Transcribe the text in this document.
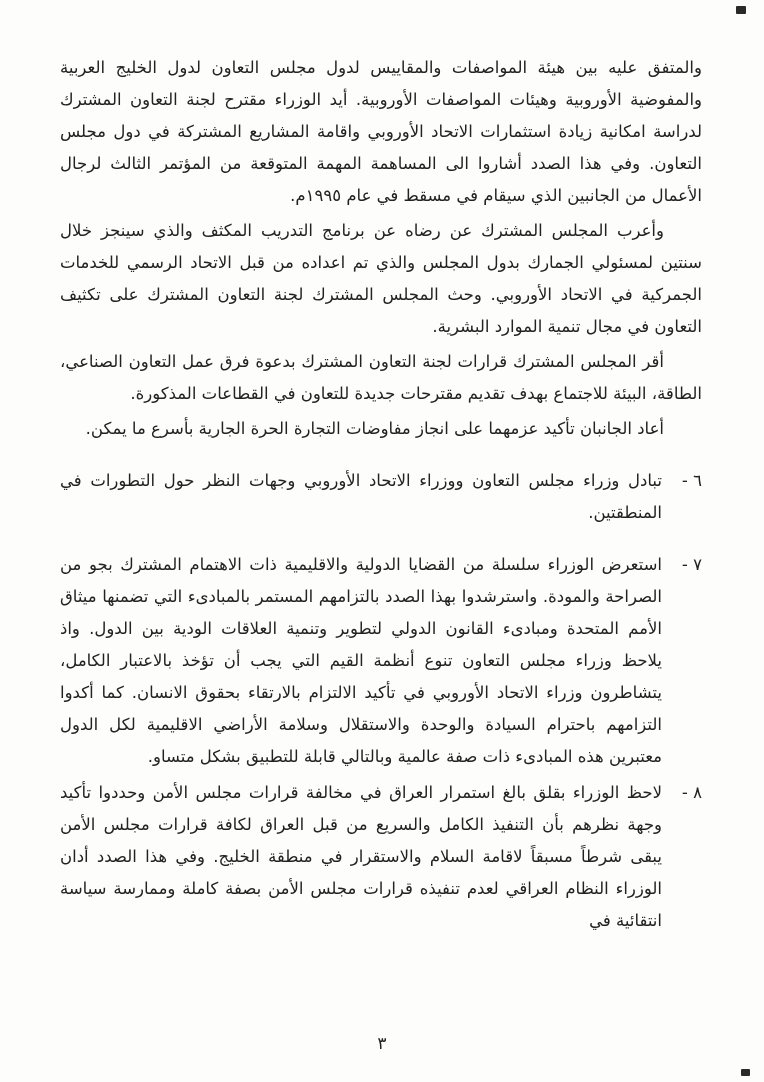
والمتفق عليه بين هيئة المواصفات والمقاييس لدول مجلس التعاون لدول الخليج العربية والمفوضية الأوروبية وهيئات المواصفات الأوروبية. أيد الوزراء مقترح لجنة التعاون المشترك لدراسة امكانية زيادة استثمارات الاتحاد الأوروبي واقامة المشاريع المشتركة في دول مجلس التعاون. وفي هذا الصدد أشاروا الى المساهمة المهمة المتوقعة من المؤتمر الثالث لرجال الأعمال من الجانبين الذي سيقام في مسقط في عام ١٩٩٥م.

وأعرب المجلس المشترك عن رضاه عن برنامج التدريب المكثف والذي سينجز خلال سنتين لمسئولي الجمارك بدول المجلس والذي تم اعداده من قبل الاتحاد الرسمي للخدمات الجمركية في الاتحاد الأوروبي. وحث المجلس المشترك لجنة التعاون المشترك على تكثيف التعاون في مجال تنمية الموارد البشرية.

أقر المجلس المشترك قرارات لجنة التعاون المشترك بدعوة فرق عمل التعاون الصناعي، الطاقة، البيئة للاجتماع بهدف تقديم مقترحات جديدة للتعاون في القطاعات المذكورة.

أعاد الجانبان تأكيد عزمهما على انجاز مفاوضات التجارة الحرة الجارية بأسرع ما يمكن.

٦ -
تبادل وزراء مجلس التعاون ووزراء الاتحاد الأوروبي وجهات النظر حول التطورات في المنطقتين.
٧ -
استعرض الوزراء سلسلة من القضايا الدولية والاقليمية ذات الاهتمام المشترك بجو من الصراحة والمودة. واسترشدوا بهذا الصدد بالتزامهم المستمر بالمبادىء التي تضمنها ميثاق الأمم المتحدة ومبادىء القانون الدولي لتطوير وتنمية العلاقات الودية بين الدول. واذ يلاحظ وزراء مجلس التعاون تنوع أنظمة القيم التي يجب أن تؤخذ بالاعتبار الكامل، يتشاطرون وزراء الاتحاد الأوروبي في تأكيد الالتزام بالارتقاء بحقوق الانسان. كما أكدوا التزامهم باحترام السيادة والوحدة والاستقلال وسلامة الأراضي الاقليمية لكل الدول معتبرين هذه المبادىء ذات صفة عالمية وبالتالي قابلة للتطبيق بشكل متساو.
٨ -
لاحظ الوزراء بقلق بالغ استمرار العراق في مخالفة قرارات مجلس الأمن وحددوا تأكيد وجهة نظرهم بأن التنفيذ الكامل والسريع من قبل العراق لكافة قرارات مجلس الأمن يبقى شرطاً مسبقاً لاقامة السلام والاستقرار في منطقة الخليج. وفي هذا الصدد أدان الوزراء النظام العراقي لعدم تنفيذه قرارات مجلس الأمن بصفة كاملة وممارسة سياسة انتقائية في
٣
